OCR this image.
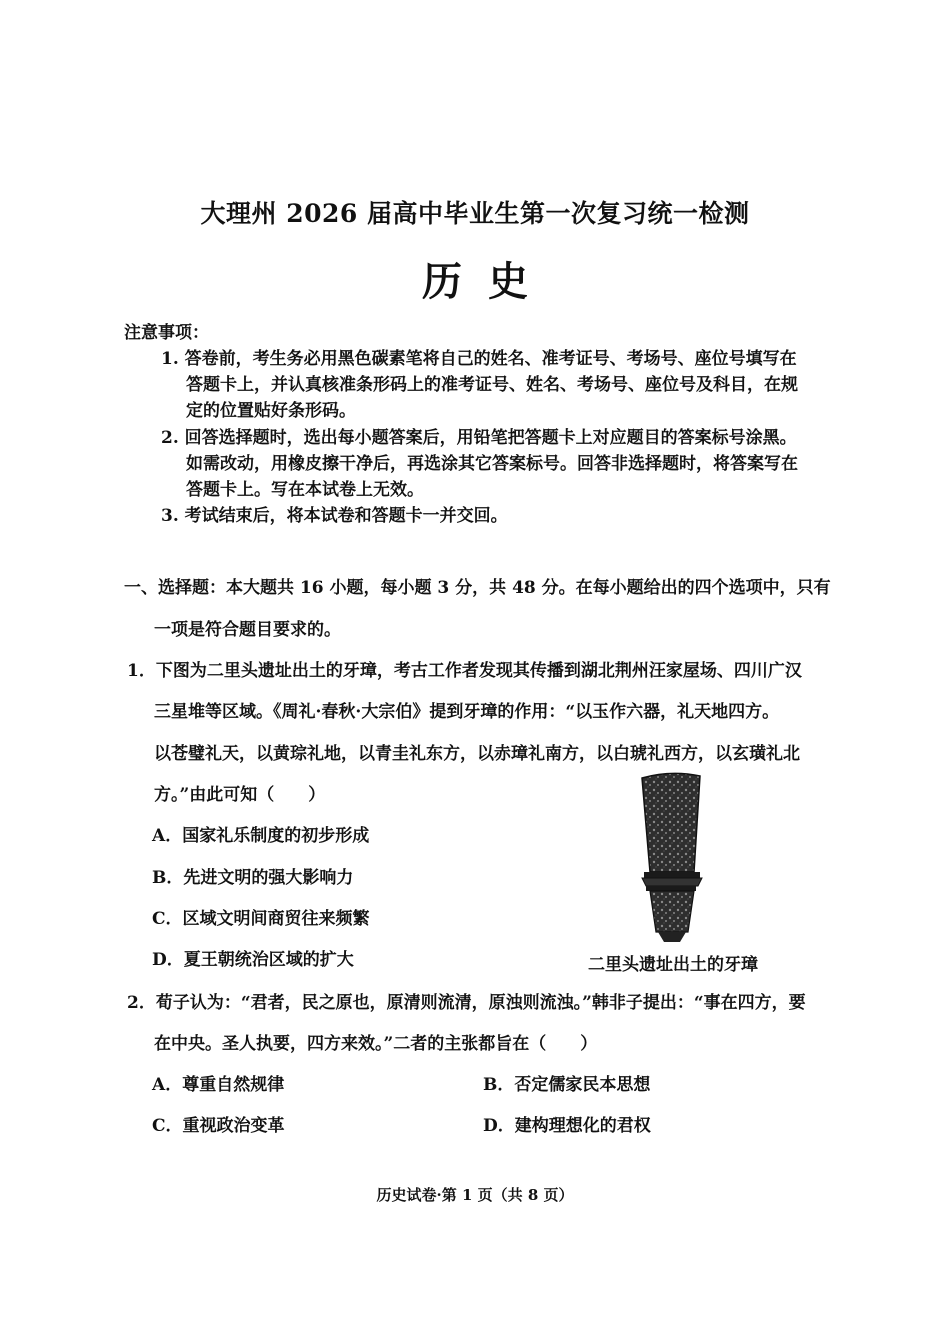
大理州 2026 届高中毕业生第一次复习统一检测
历史
注意事项：
1. 答卷前，考生务必用黑色碳素笔将自己的姓名、准考证号、考场号、座位号填写在
答题卡上，并认真核准条形码上的准考证号、姓名、考场号、座位号及科目，在规
定的位置贴好条形码。
2. 回答选择题时，选出每小题答案后，用铅笔把答题卡上对应题目的答案标号涂黑。
如需改动，用橡皮擦干净后，再选涂其它答案标号。回答非选择题时，将答案写在
答题卡上。写在本试卷上无效。
3. 考试结束后，将本试卷和答题卡一并交回。
一、选择题：本大题共 16 小题，每小题 3 分，共 48 分。在每小题给出的四个选项中，只有
一项是符合题目要求的。
1．下图为二里头遗址出土的牙璋，考古工作者发现其传播到湖北荆州汪家屋场、四川广汉
三星堆等区域。《周礼·春秋·大宗伯》提到牙璋的作用：“以玉作六器，礼天地四方。
以苍璧礼天，以黄琮礼地，以青圭礼东方，以赤璋礼南方，以白琥礼西方，以玄璜礼北
方。”由此可知（　　）
A．国家礼乐制度的初步形成
B．先进文明的强大影响力
C．区域文明间商贸往来频繁
D．夏王朝统治区域的扩大	二里头遗址出土的牙璋
2．荀子认为：“君者，民之原也，原清则流清，原浊则流浊。”韩非子提出：“事在四方，要
在中央。圣人执要，四方来效。”二者的主张都旨在（　　）
A．尊重自然规律	B．否定儒家民本思想
C．重视政治变革	D．建构理想化的君权
历史试卷·第 1 页（共 8 页）
